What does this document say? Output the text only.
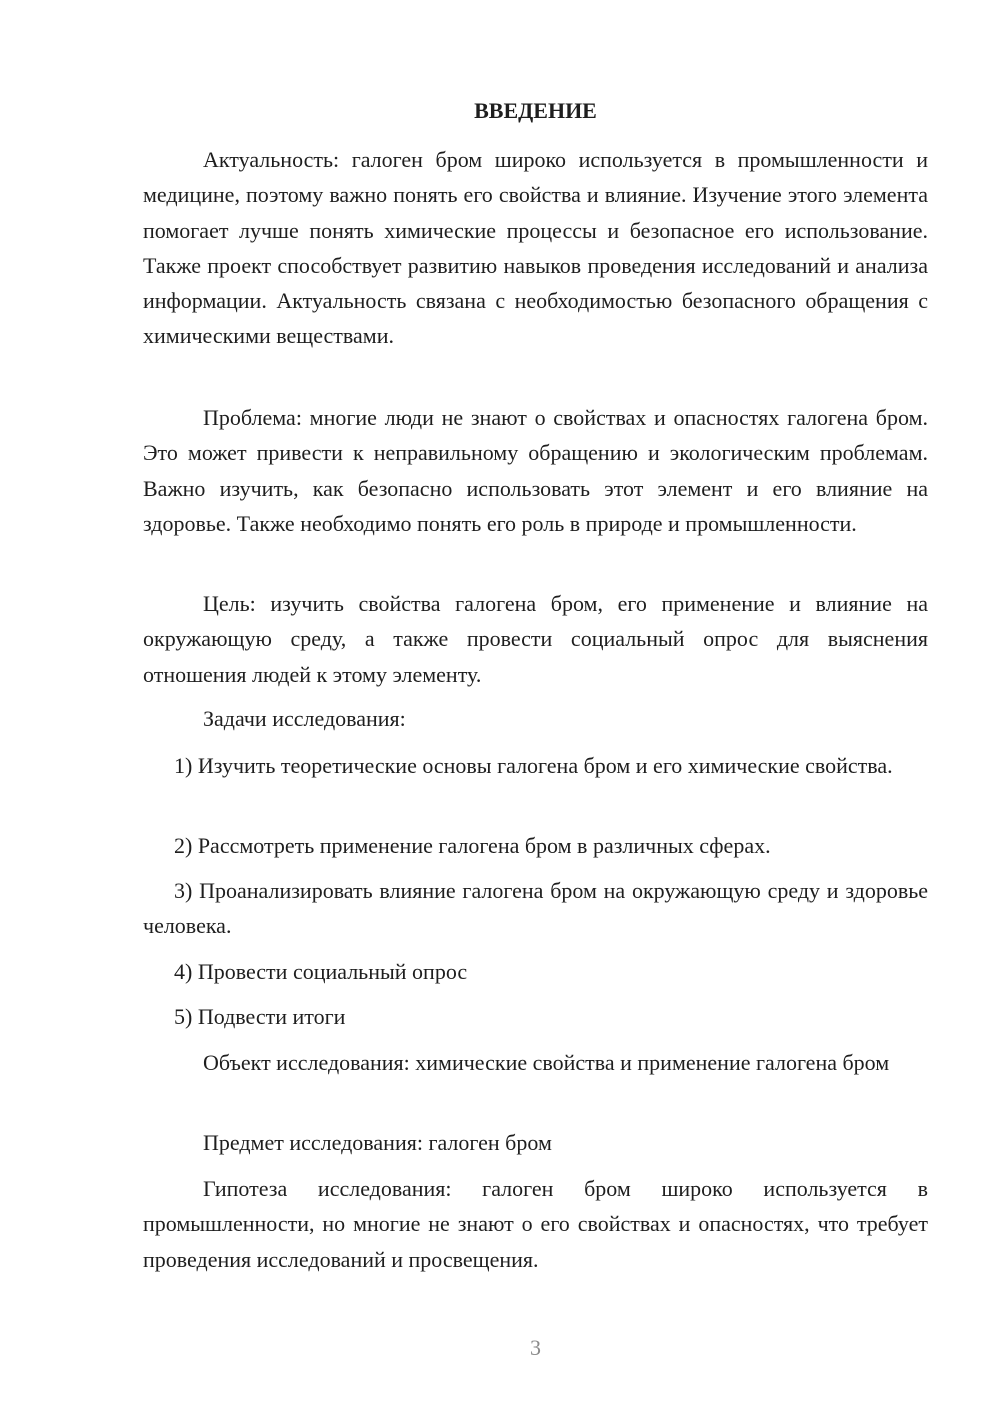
ВВЕДЕНИЕ

Актуальность: галоген бром широко используется в промышленности и медицине, поэтому важно понять его свойства и влияние. Изучение этого элемента помогает лучше понять химические процессы и безопасное его использование. Также проект способствует развитию навыков проведения исследований и анализа информации. Актуальность связана с необходимостью безопасного обращения с химическими веществами.

Проблема: многие люди не знают о свойствах и опасностях галогена бром. Это может привести к неправильному обращению и экологическим проблемам. Важно изучить, как безопасно использовать этот элемент и его влияние на здоровье. Также необходимо понять его роль в природе и промышленности.

Цель: изучить свойства галогена бром, его применение и влияние на окружающую среду, а также провести социальный опрос для выяснения отношения людей к этому элементу.

Задачи исследования:

1) Изучить теоретические основы галогена бром и его химические свойства.

2) Рассмотреть применение галогена бром в различных сферах.

3) Проанализировать влияние галогена бром на окружающую среду и здоровье человека.

4) Провести социальный опрос

5) Подвести итоги

Объект исследования: химические свойства и применение галогена бром

Предмет исследования: галоген бром

Гипотеза исследования: галоген бром широко используется в промышленности, но многие не знают о его свойствах и опасностях, что требует проведения исследований и просвещения.

3
